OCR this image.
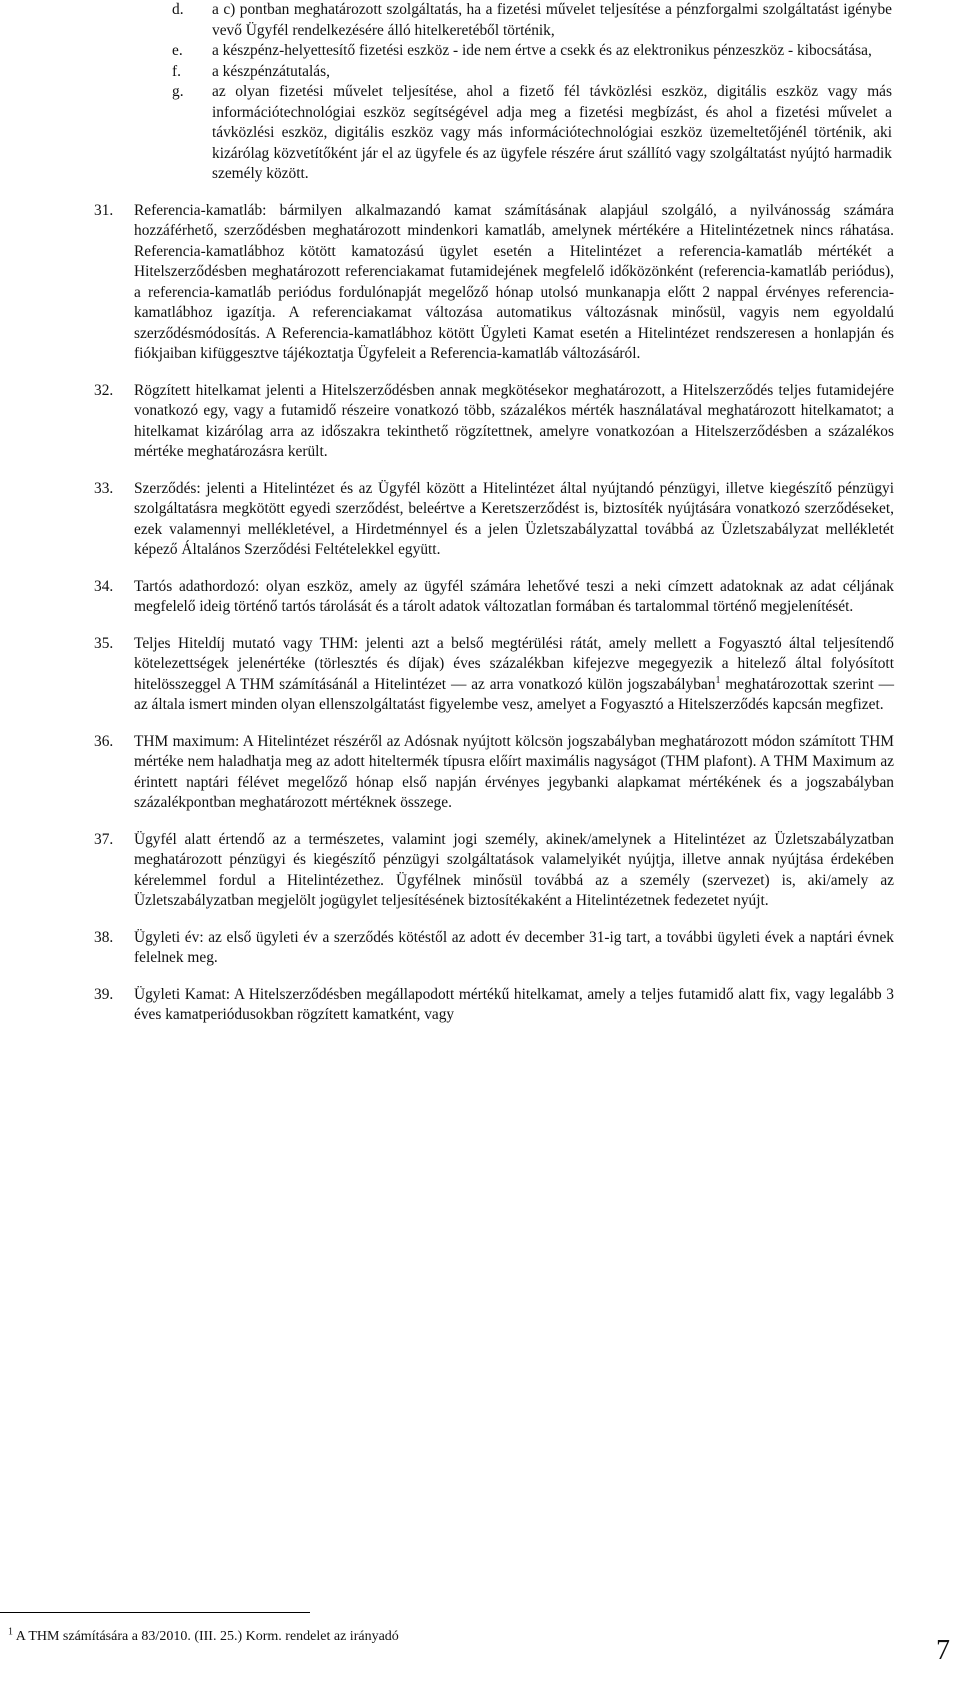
d. a c) pontban meghatározott szolgáltatás, ha a fizetési művelet teljesítése a pénzforgalmi szolgáltatást igénybe vevő Ügyfél rendelkezésére álló hitelkeretéből történik,
e. a készpénz-helyettesítő fizetési eszköz - ide nem értve a csekk és az elektronikus pénzeszköz - kibocsátása,
f. a készpénzátutalás,
g. az olyan fizetési művelet teljesítése, ahol a fizető fél távközlési eszköz, digitális eszköz vagy más információtechnológiai eszköz segítségével adja meg a fizetési megbízást, és ahol a fizetési művelet a távközlési eszköz, digitális eszköz vagy más információtechnológiai eszköz üzemeltetőjénél történik, aki kizárólag közvetítőként jár el az ügyfele és az ügyfele részére árut szállító vagy szolgáltatást nyújtó harmadik személy között.
31. Referencia-kamatláb: bármilyen alkalmazandó kamat számításának alapjául szolgáló, a nyilvánosság számára hozzáférhető, szerződésben meghatározott mindenkori kamatláb, amelynek mértékére a Hitelintézetnek nincs ráhatása. Referencia-kamatlábhoz kötött kamatozású ügylet esetén a Hitelintézet a referencia-kamatláb mértékét a Hitelszerződésben meghatározott referenciakamat futamidejének megfelelő időközönként (referencia-kamatláb periódus), a referencia-kamatláb periódus fordulónapját megelőző hónap utolsó munkanapja előtt 2 nappal érvényes referencia-kamatlábhoz igazítja. A referenciakamat változása automatikus változásnak minősül, vagyis nem egyoldalú szerződésmódosítás. A Referencia-kamatlábhoz kötött Ügyleti Kamat esetén a Hitelintézet rendszeresen a honlapján és fiókjaiban kifüggesztve tájékoztatja Ügyfeleit a Referencia-kamatláb változásáról.
32. Rögzített hitelkamat jelenti a Hitelszerződésben annak megkötésekor meghatározott, a Hitelszerződés teljes futamidejére vonatkozó egy, vagy a futamidő részeire vonatkozó több, százalékos mérték használatával meghatározott hitelkamatot; a hitelkamat kizárólag arra az időszakra tekinthető rögzítettnek, amelyre vonatkozóan a Hitelszerződésben a százalékos mértéke meghatározásra került.
33. Szerződés: jelenti a Hitelintézet és az Ügyfél között a Hitelintézet által nyújtandó pénzügyi, illetve kiegészítő pénzügyi szolgáltatásra megkötött egyedi szerződést, beleértve a Keretszerződést is, biztosíték nyújtására vonatkozó szerződéseket, ezek valamennyi mellékletével, a Hirdetménnyel és a jelen Üzletszabályzattal továbbá az Üzletszabályzat mellékletét képező Általános Szerződési Feltételekkel együtt.
34. Tartós adathordozó: olyan eszköz, amely az ügyfél számára lehetővé teszi a neki címzett adatoknak az adat céljának megfelelő ideig történő tartós tárolását és a tárolt adatok változatlan formában és tartalommal történő megjelenítését.
35. Teljes Hiteldíj mutató vagy THM: jelenti azt a belső megtérülési rátát, amely mellett a Fogyasztó által teljesítendő kötelezettségek jelenértéke (törlesztés és díjak) éves százalékban kifejezve megegyezik a hitelező által folyósított hitelösszeggel A THM számításánál a Hitelintézet — az arra vonatkozó külön jogszabályban$^1$ meghatározottak szerint — az általa ismert minden olyan ellenszolgáltatást figyelembe vesz, amelyet a Fogyasztó a Hitelszerződés kapcsán megfizet.
36. THM maximum: A Hitelintézet részéről az Adósnak nyújtott kölcsön jogszabályban meghatározott módon számított THM mértéke nem haladhatja meg az adott hiteltermék típusra előírt maximális nagyságot (THM plafont). A THM Maximum az érintett naptári félévet megelőző hónap első napján érvényes jegybanki alapkamat mértékének és a jogszabályban százalékpontban meghatározott mértéknek összege.
37. Ügyfél alatt értendő az a természetes, valamint jogi személy, akinek/amelynek a Hitelintézet az Üzletszabályzatban meghatározott pénzügyi és kiegészítő pénzügyi szolgáltatások valamelyikét nyújtja, illetve annak nyújtása érdekében kérelemmel fordul a Hitelintézethez. Ügyfélnek minősül továbbá az a személy (szervezet) is, aki/amely az Üzletszabályzatban megjelölt jogügylet teljesítésének biztosítékaként a Hitelintézetnek fedezetet nyújt.
38. Ügyleti év: az első ügyleti év a szerződés kötéstől az adott év december 31-ig tart, a további ügyleti évek a naptári évnek felelnek meg.
39. Ügyleti Kamat: A Hitelszerződésben megállapodott mértékű hitelkamat, amely a teljes futamidő alatt fix, vagy legalább 3 éves kamatperiódusokban rögzített kamatként, vagy
$^1$ A THM számítására a 83/2010. (III. 25.) Korm. rendelet az irányadó	7
